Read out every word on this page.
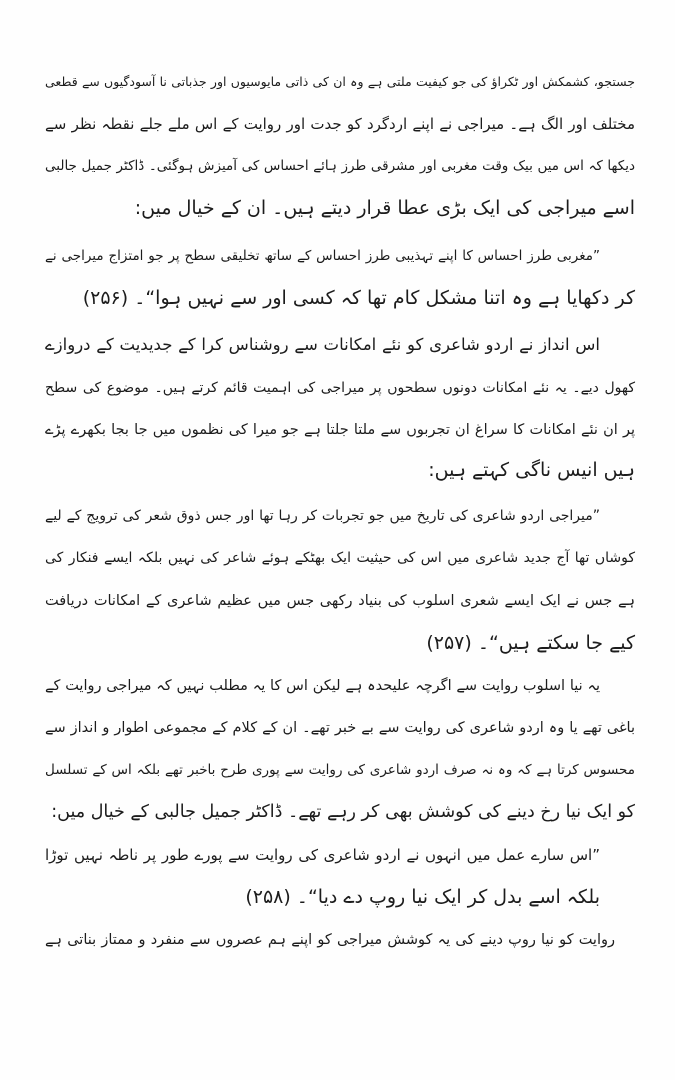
جستجو، کشمکش اور ٹکراؤ کی جو کیفیت ملتی ہے وہ ان کی ذاتی مایوسیوں اور جذباتی نا آسودگیوں سے قطعی
مختلف اور الگ ہے۔ میراجی نے اپنے اردگرد کو جدت اور روایت کے اس ملے جلے نقطہ نظر سے
دیکھا کہ اس میں بیک وقت مغربی اور مشرقی طرز ہائے احساس کی آمیزش ہوگئی۔ ڈاکٹر جمیل جالبی
اسے میراجی کی ایک بڑی عطا قرار دیتے ہیں۔ ان کے خیال میں:
”مغربی طرز احساس کا اپنے تہذیبی طرز احساس کے ساتھ تخلیقی سطح پر جو امتزاج میراجی نے
کر دکھایا ہے وہ اتنا مشکل کام تھا کہ کسی اور سے نہیں ہوا“۔ (۲۵۶)
اس انداز نے اردو شاعری کو نئے امکانات سے روشناس کرا کے جدیدیت کے دروازے
کھول دیے۔ یہ نئے امکانات دونوں سطحوں پر میراجی کی اہمیت قائم کرتے ہیں۔ موضوع کی سطح
پر ان نئے امکانات کا سراغ ان تجربوں سے ملتا جلتا ہے جو میرا کی نظموں میں جا بجا بکھرے پڑے
ہیں انیس ناگی کہتے ہیں:
”میراجی اردو شاعری کی تاریخ میں جو تجربات کر رہا تھا اور جس ذوق شعر کی ترویج کے لیے
کوشاں تھا آج جدید شاعری میں اس کی حیثیت ایک بھٹکے ہوئے شاعر کی نہیں بلکہ ایسے فنکار کی
ہے جس نے ایک ایسے شعری اسلوب کی بنیاد رکھی جس میں عظیم شاعری کے امکانات دریافت
کیے جا سکتے ہیں“۔ (۲۵۷)
یہ نیا اسلوب روایت سے اگرچہ علیحدہ ہے لیکن اس کا یہ مطلب نہیں کہ میراجی روایت کے
باغی تھے یا وہ اردو شاعری کی روایت سے بے خبر تھے۔ ان کے کلام کے مجموعی اطوار و انداز سے
محسوس کرتا ہے کہ وہ نہ صرف اردو شاعری کی روایت سے پوری طرح باخبر تھے بلکہ اس کے تسلسل
کو ایک نیا رخ دینے کی کوشش بھی کر رہے تھے۔ ڈاکٹر جمیل جالبی کے خیال میں:
”اس سارے عمل میں انہوں نے اردو شاعری کی روایت سے پورے طور پر ناطہ نہیں توڑا
بلکہ اسے بدل کر ایک نیا روپ دے دیا“۔ (۲۵۸)
روایت کو نیا روپ دینے کی یہ کوشش میراجی کو اپنے ہم عصروں سے منفرد و ممتاز بناتی ہے
